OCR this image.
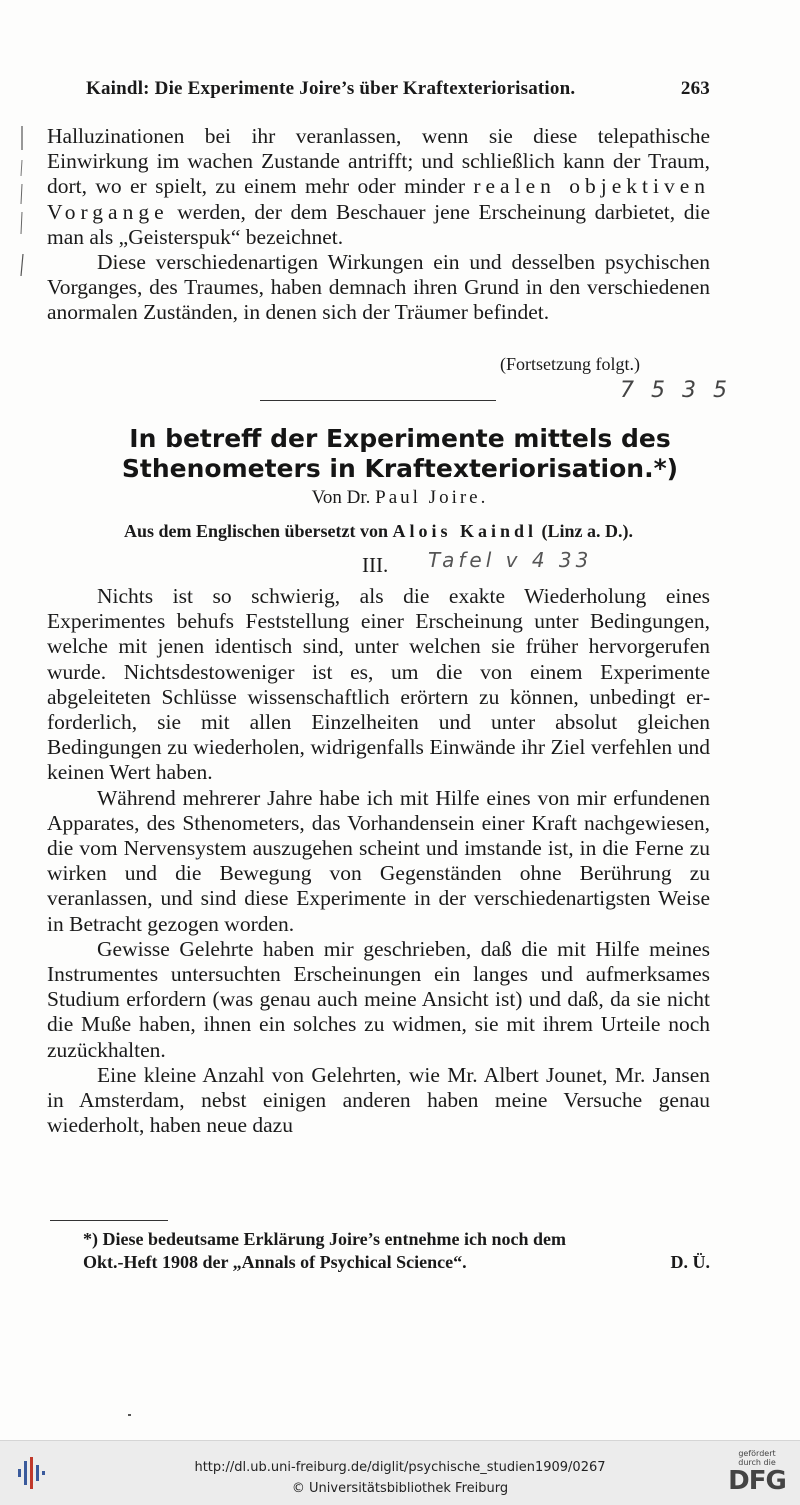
Kaindl: Die Experimente Joire’s über Kraftexteriorisation.	263

Halluzinationen bei ihr veranlassen, wenn sie diese telepathische Einwirkung im wachen Zustande antrifft; und schließlich kann der Traum, dort, wo er spielt, zu einem mehr oder minder realen objektiven Vorgange werden, der dem Beschauer jene Erscheinung darbietet, die man als „Geisterspuk“ bezeichnet.

Diese verschiedenartigen Wirkungen ein und desselben psychischen Vorganges, des Traumes, haben demnach ihren Grund in den verschiedenen anormalen Zuständen, in denen sich der Träumer befindet.

(Fortsetzung folgt.)
7 5 3 5
In betreff der Experimente mittels des
Sthenometers in Kraftexteriorisation.*)
Von Dr. Paul Joire.
Aus dem Englischen übersetzt von Alois Kaindl (Linz a. D.).
III. Tafel v 4 33

Nichts ist so schwierig, als die exakte Wiederholung eines Experimentes behufs Feststellung einer Erscheinung unter Bedingungen, welche mit jenen identisch sind, unter welchen sie früher hervorgerufen wurde. Nichtsdestoweniger ist es, um die von einem Experimente abgeleiteten Schlüsse wissenschaftlich erörtern zu können, unbedingt erforderlich, sie mit allen Einzelheiten und unter absolut gleichen Bedingungen zu wiederholen, widrigenfalls Einwände ihr Ziel verfehlen und keinen Wert haben.

Während mehrerer Jahre habe ich mit Hilfe eines von mir erfundenen Apparates, des Sthenometers, das Vorhandensein einer Kraft nachgewiesen, die vom Nervensystem auszugehen scheint und imstande ist, in die Ferne zu wirken und die Bewegung von Gegenständen ohne Berührung zu veranlassen, und sind diese Experimente in der verschiedenartigsten Weise in Betracht gezogen worden.

Gewisse Gelehrte haben mir geschrieben, daß die mit Hilfe meines Instrumentes untersuchten Erscheinungen ein langes und aufmerksames Studium erfordern (was genau auch meine Ansicht ist) und daß, da sie nicht die Muße haben, ihnen ein solches zu widmen, sie mit ihrem Urteile noch zuzückhalten.

Eine kleine Anzahl von Gelehrten, wie Mr. Albert Jounet, Mr. Jansen in Amsterdam, nebst einigen anderen haben meine Versuche genau wiederholt, haben neue dazu

*) Diese bedeutsame Erklärung Joire’s entnehme ich noch dem

Okt.-Heft 1908 der „Annals of Psychical Science“.	D. Ü.

http://dl.ub.uni-freiburg.de/diglit/psychische_studien1909/0267
© Universitätsbibliothek Freiburg
gefördert durch die
DFG
